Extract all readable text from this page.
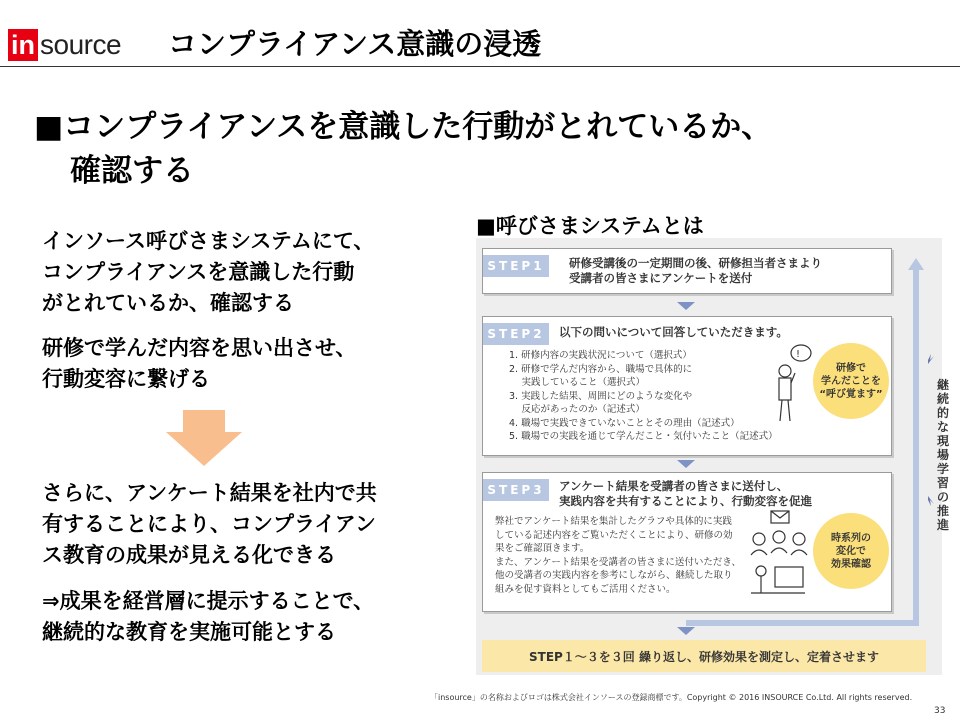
in source コンプライアンス意識の浸透
■コンプライアンスを意識した行動がとれているか、
確認する
インソース呼びさまシステムにて、
コンプライアンスを意識した行動
がとれているか、確認する
研修で学んだ内容を思い出させ、
行動変容に繋げる
さらに、アンケート結果を社内で共
有することにより、コンプライアン
ス教育の成果が見える化できる
⇒成果を経営層に提示することで、
継続的な教育を実施可能とする
■呼びさまシステムとは
STEP1	研修受講後の一定期間の後、研修担当者さまより
受講者の皆さまにアンケートを送付
STEP2	以下の問いについて回答していただきます。
1. 研修内容の実践状況について（選択式）
2. 研修で学んだ内容から、職場で具体的に
　 実践していること（選択式）
3. 実践した結果、周囲にどのような変化や
　 反応があったのか（記述式）
4. 職場で実践できていないこととその理由（記述式）
5. 職場での実践を通じて学んだこと・気付いたこと（記述式）
!
研修で
学んだことを
“呼び覚ます”
STEP3	アンケート結果を受講者の皆さまに送付し、
実践内容を共有することにより、行動変容を促進
弊社でアンケート結果を集計したグラフや具体的に実践
している記述内容をご覧いただくことにより、研修の効
果をご確認頂きます。
また、アンケート結果を受講者の皆さまに送付いただき、
他の受講者の実践内容を参考にしながら、継続した取り
組みを促す資料としてもご活用ください。
時系列の
変化で
効果確認
STEP１〜３を３回 繰り返し、研修効果を測定し、定着させます
継続的な現場学習の推進
「insource」の名称およびロゴは株式会社インソースの登録商標です。Copyright © 2016 INSOURCE Co.Ltd. All rights reserved.
33
